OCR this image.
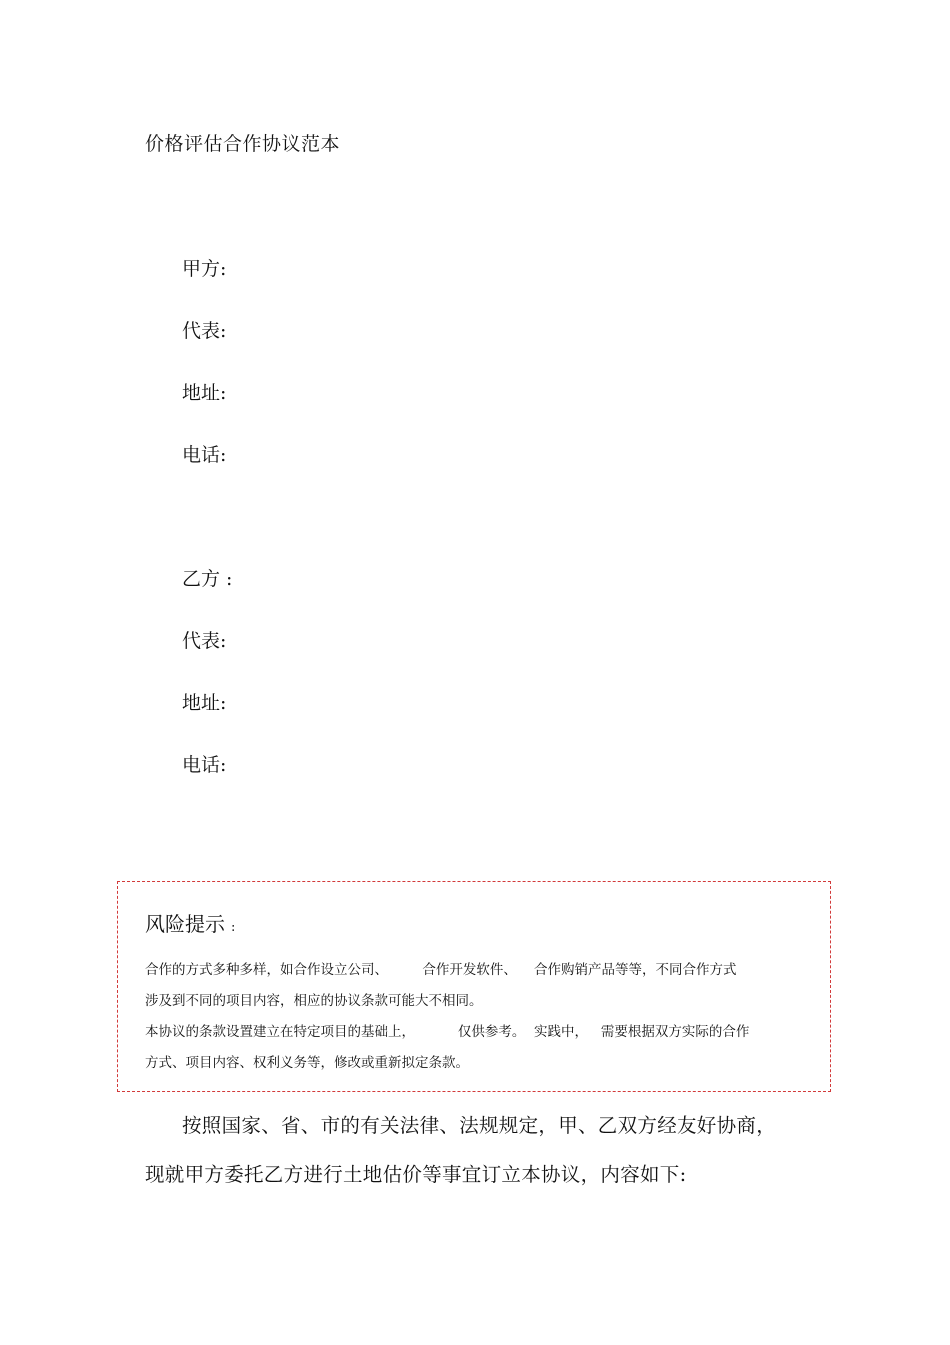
价格评估合作协议范本
甲方:
代表:
地址:
电话:
乙方 :
代表:
地址:
电话:
风险提示 :
合作的方式多种多样，如合作设立公司、        合作开发软件、    合作购销产品等等，不同合作方式
涉及到不同的项目内容，相应的协议条款可能大不相同。
本协议的条款设置建立在特定项目的基础上，          仅供参考。  实践中，   需要根据双方实际的合作
方式、项目内容、权利义务等，修改或重新拟定条款。
按照国家、省、市的有关法律、法规规定，甲、乙双方经友好协商，
现就甲方委托乙方进行土地估价等事宜订立本协议，内容如下:
